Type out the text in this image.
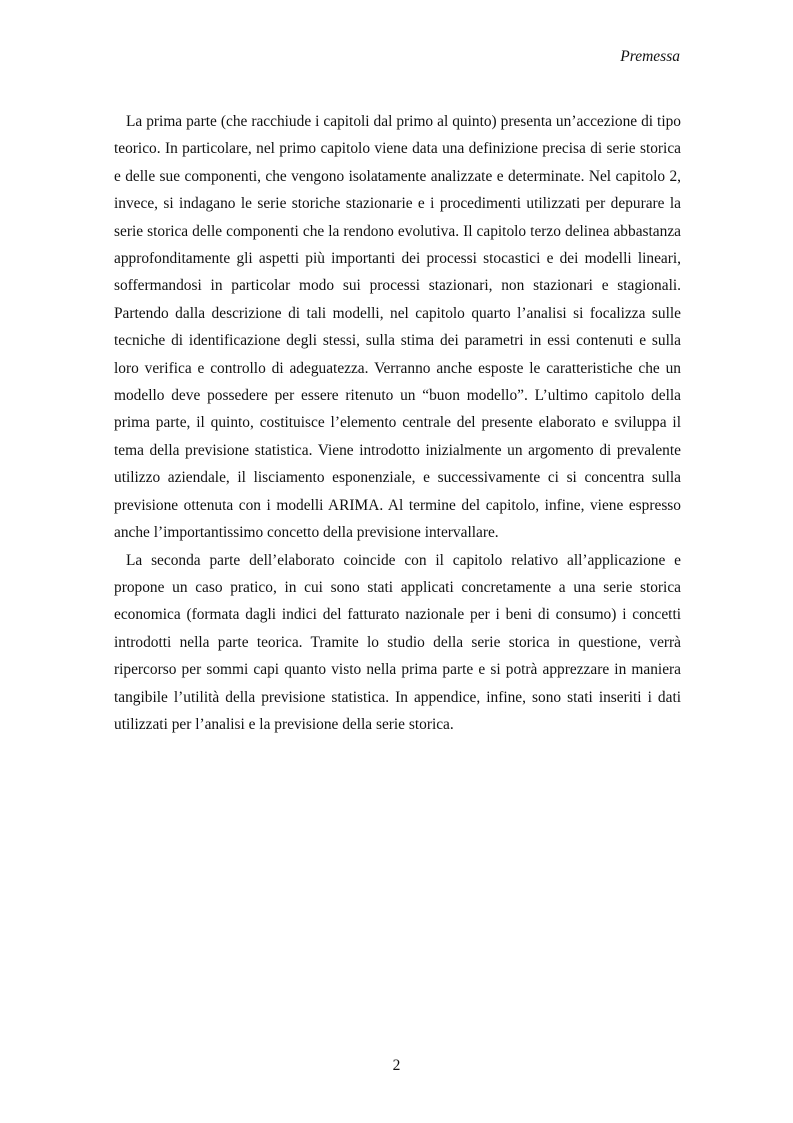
Premessa

La prima parte (che racchiude i capitoli dal primo al quinto) presenta un’accezione di tipo teorico. In particolare, nel primo capitolo viene data una definizione precisa di serie storica e delle sue componenti, che vengono isolatamente analizzate e determinate. Nel capitolo 2, invece, si indagano le serie storiche stazionarie e i procedimenti utilizzati per depurare la serie storica delle componenti che la rendono evolutiva. Il capitolo terzo delinea abbastanza approfonditamente gli aspetti più importanti dei processi stocastici e dei modelli lineari, soffermandosi in particolar modo sui processi stazionari, non stazionari e stagionali. Partendo dalla descrizione di tali modelli, nel capitolo quarto l’analisi si focalizza sulle tecniche di identificazione degli stessi, sulla stima dei parametri in essi contenuti e sulla loro verifica e controllo di adeguatezza. Verranno anche esposte le caratteristiche che un modello deve possedere per essere ritenuto un “buon modello”. L’ultimo capitolo della prima parte, il quinto, costituisce l’elemento centrale del presente elaborato e sviluppa il tema della previsione statistica. Viene introdotto inizialmente un argomento di prevalente utilizzo aziendale, il lisciamento esponenziale, e successivamente ci si concentra sulla previsione ottenuta con i modelli ARIMA. Al termine del capitolo, infine, viene espresso anche l’importantissimo concetto della previsione intervallare.

La seconda parte dell’elaborato coincide con il capitolo relativo all’applicazione e propone un caso pratico, in cui sono stati applicati concretamente a una serie storica economica (formata dagli indici del fatturato nazionale per i beni di consumo) i concetti introdotti nella parte teorica. Tramite lo studio della serie storica in questione, verrà ripercorso per sommi capi quanto visto nella prima parte e si potrà apprezzare in maniera tangibile l’utilità della previsione statistica. In appendice, infine, sono stati inseriti i dati utilizzati per l’analisi e la previsione della serie storica.

2
